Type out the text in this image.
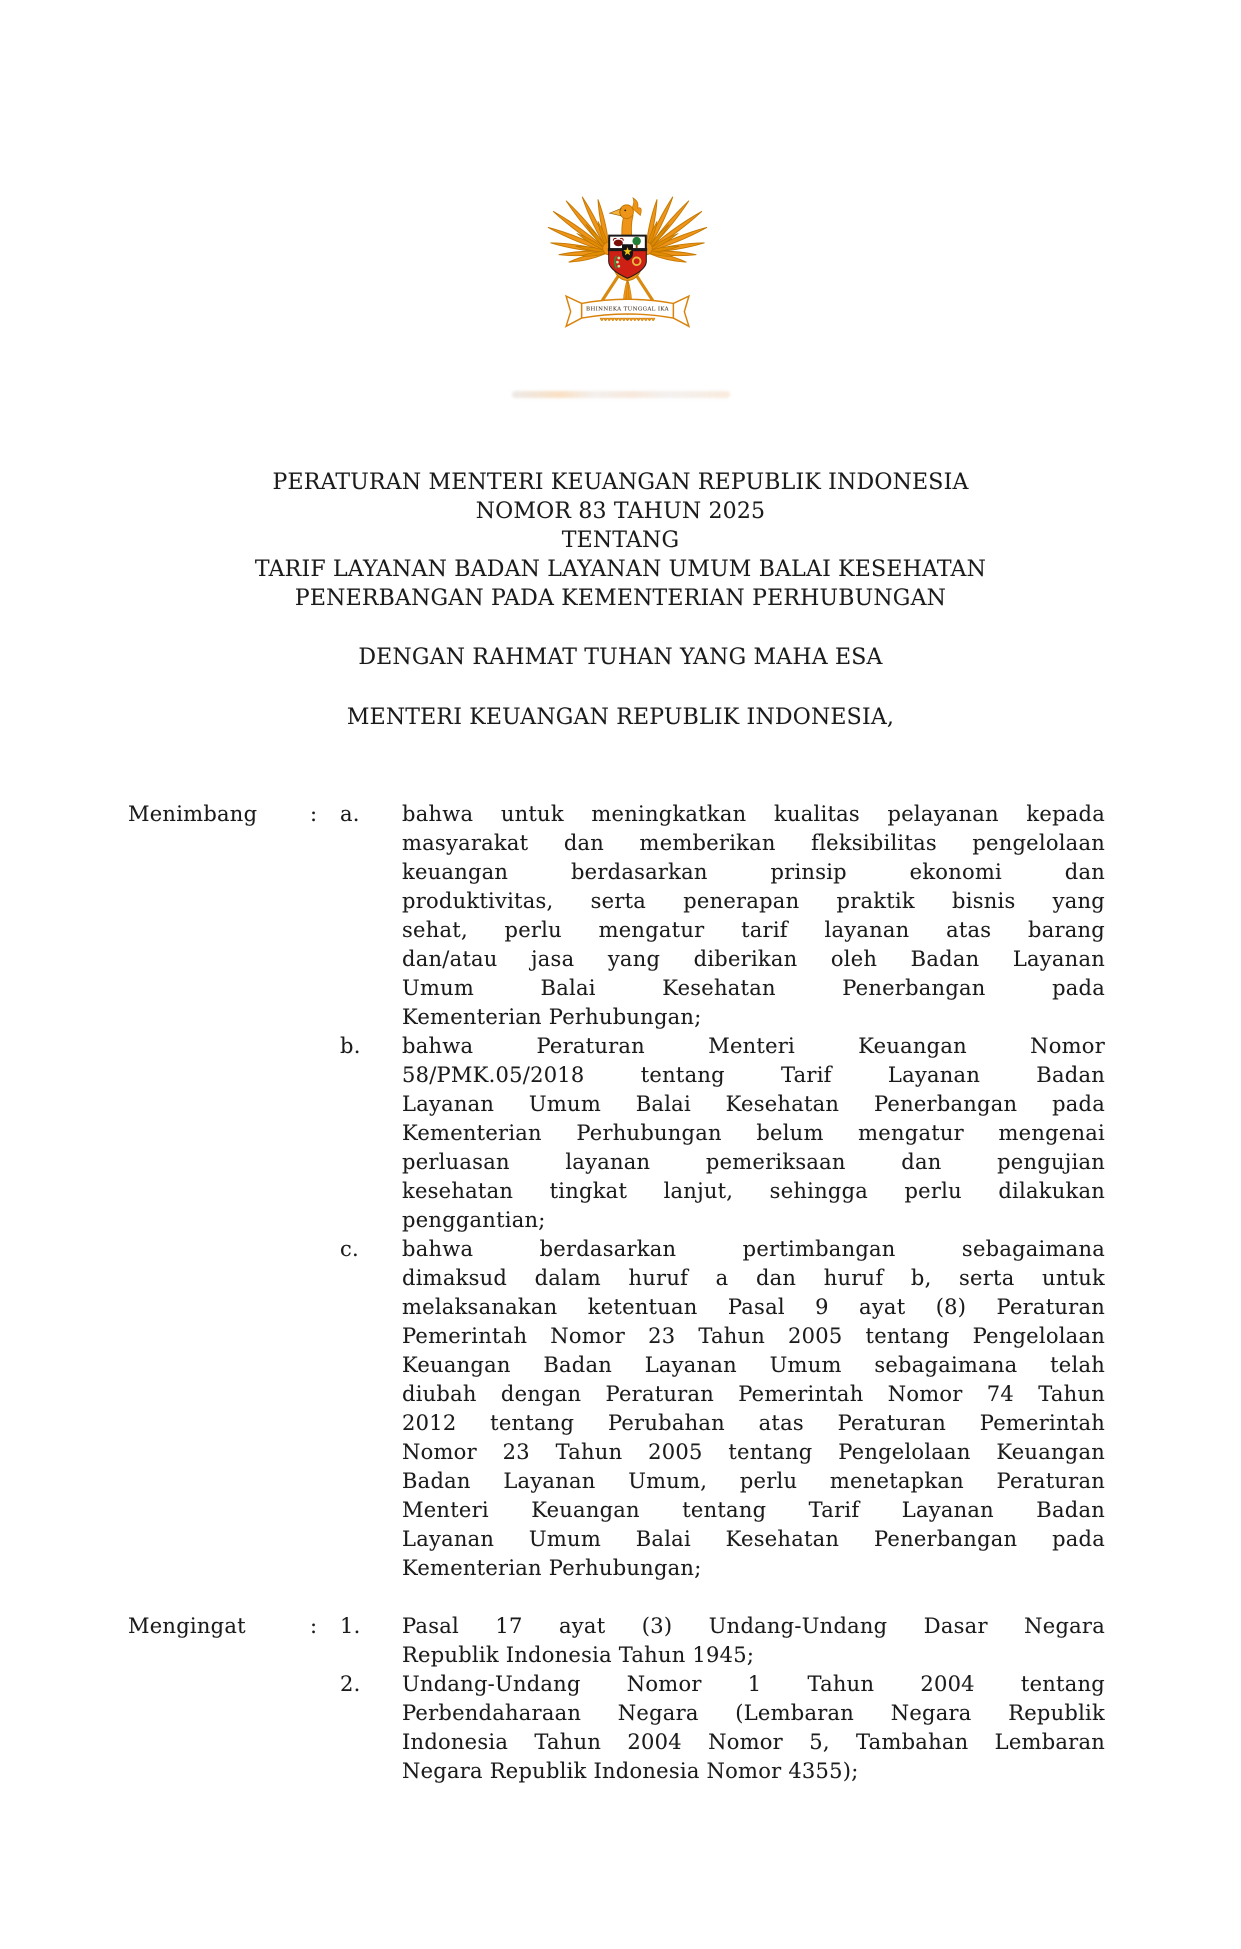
BHINNEKA TUNGGAL IKA
PERATURAN MENTERI KEUANGAN REPUBLIK INDONESIA
NOMOR 83 TAHUN 2025
TENTANG
TARIF LAYANAN BADAN LAYANAN UMUM BALAI KESEHATAN
PENERBANGAN PADA KEMENTERIAN PERHUBUNGAN
DENGAN RAHMAT TUHAN YANG MAHA ESA
MENTERI KEUANGAN REPUBLIK INDONESIA,
Menimbang	: a.	bahwa untuk meningkatkan kualitas pelayanan kepada
masyarakat dan memberikan fleksibilitas pengelolaan
keuangan berdasarkan prinsip ekonomi dan
produktivitas, serta penerapan praktik bisnis yang
sehat, perlu mengatur tarif layanan atas barang
dan/atau jasa yang diberikan oleh Badan Layanan
Umum Balai Kesehatan Penerbangan pada
Kementerian Perhubungan;
b.	bahwa Peraturan Menteri Keuangan Nomor
58/PMK.05/2018 tentang Tarif Layanan Badan
Layanan Umum Balai Kesehatan Penerbangan pada
Kementerian Perhubungan belum mengatur mengenai
perluasan layanan pemeriksaan dan pengujian
kesehatan tingkat lanjut, sehingga perlu dilakukan
penggantian;
c.	bahwa berdasarkan pertimbangan sebagaimana
dimaksud dalam huruf a dan huruf b, serta untuk
melaksanakan ketentuan Pasal 9 ayat (8) Peraturan
Pemerintah Nomor 23 Tahun 2005 tentang Pengelolaan
Keuangan Badan Layanan Umum sebagaimana telah
diubah dengan Peraturan Pemerintah Nomor 74 Tahun
2012 tentang Perubahan atas Peraturan Pemerintah
Nomor 23 Tahun 2005 tentang Pengelolaan Keuangan
Badan Layanan Umum, perlu menetapkan Peraturan
Menteri Keuangan tentang Tarif Layanan Badan
Layanan Umum Balai Kesehatan Penerbangan pada
Kementerian Perhubungan;
Mengingat	: 1.	Pasal 17 ayat (3) Undang-Undang Dasar Negara
Republik Indonesia Tahun 1945;
2.	Undang-Undang Nomor 1 Tahun 2004 tentang
Perbendaharaan Negara (Lembaran Negara Republik
Indonesia Tahun 2004 Nomor 5, Tambahan Lembaran
Negara Republik Indonesia Nomor 4355);
